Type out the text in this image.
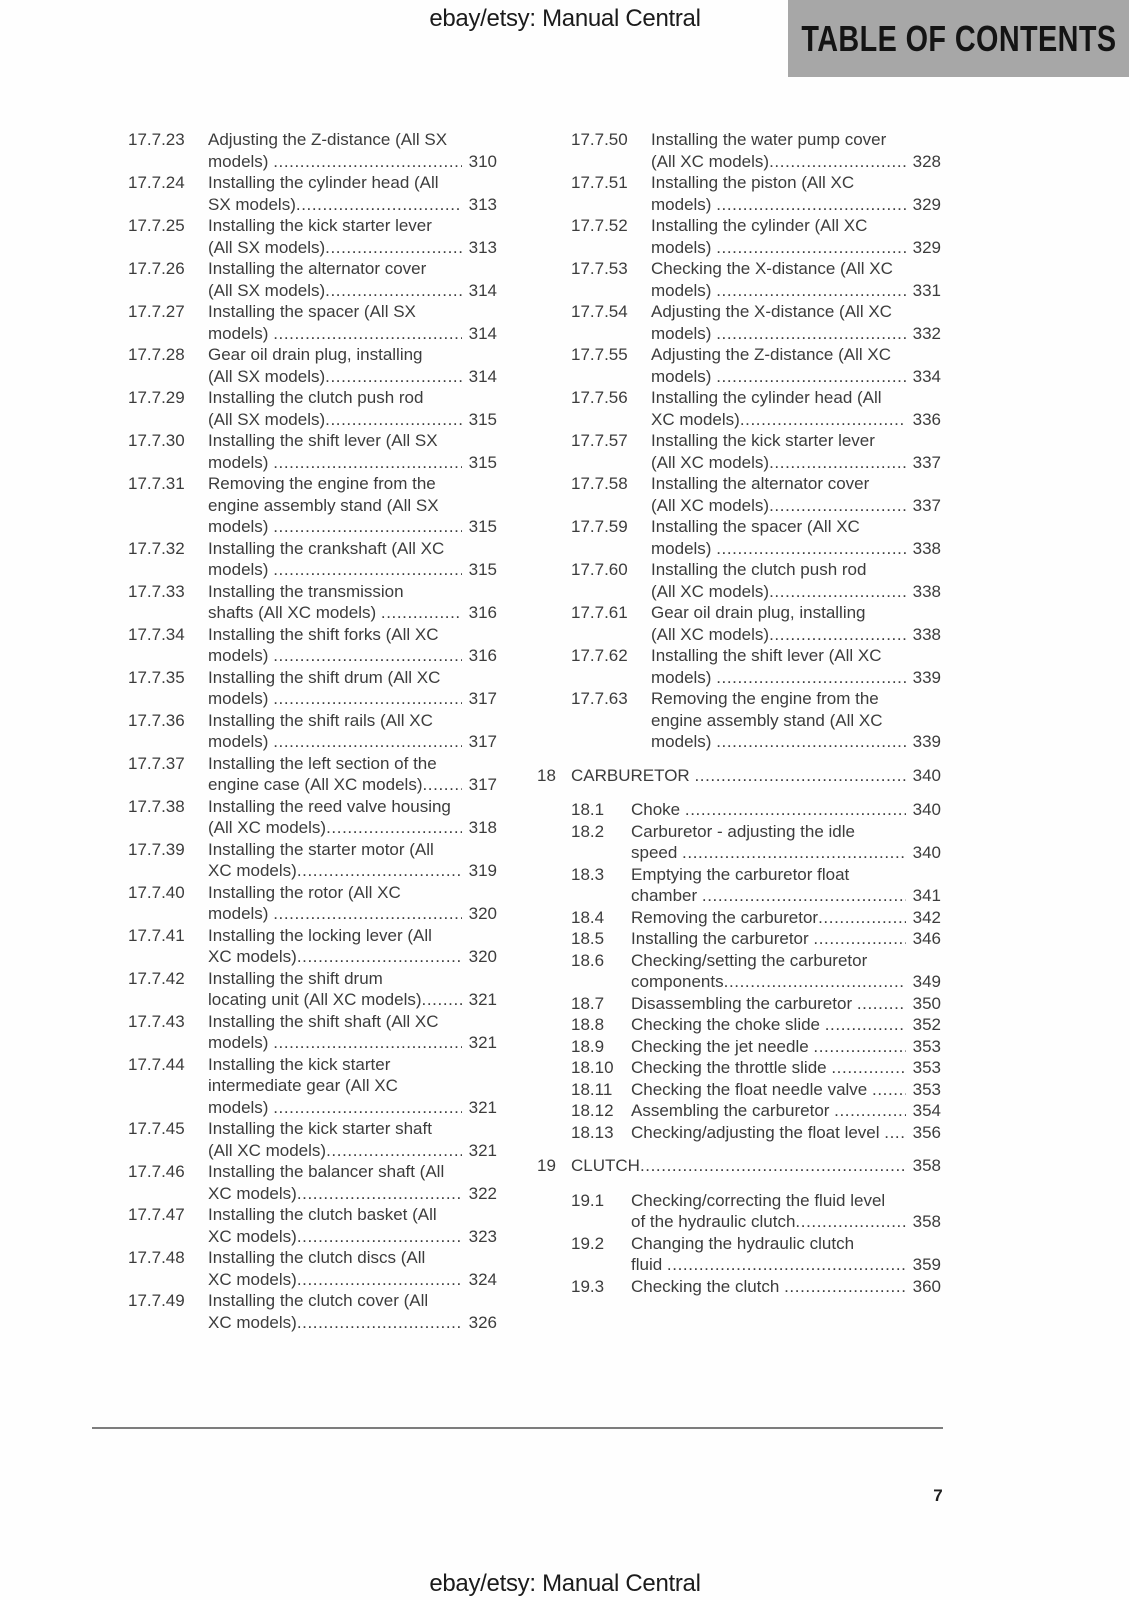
ebay/etsy: Manual Central	TABLE OF CONTENTS
17.7.23	Adjusting the Z-distance (All SX
models) .....	310
17.7.24	Installing the cylinder head (All
SX models) .....	313
17.7.25	Installing the kick starter lever
(All SX models) .....	313
17.7.26	Installing the alternator cover
(All SX models) .....	314
17.7.27	Installing the spacer (All SX
models) .....	314
17.7.28	Gear oil drain plug, installing
(All SX models) .....	314
17.7.29	Installing the clutch push rod
(All SX models) .....	315
17.7.30	Installing the shift lever (All SX
models) .....	315
17.7.31	Removing the engine from the
engine assembly stand (All SX
models) .....	315
17.7.32	Installing the crankshaft (All XC
models) .....	315
17.7.33	Installing the transmission
shafts (All XC models) .....	316
17.7.34	Installing the shift forks (All XC
models) .....	316
17.7.35	Installing the shift drum (All XC
models) .....	317
17.7.36	Installing the shift rails (All XC
models) .....	317
17.7.37	Installing the left section of the
engine case (All XC models) .....	317
17.7.38	Installing the reed valve housing
(All XC models) .....	318
17.7.39	Installing the starter motor (All
XC models) .....	319
17.7.40	Installing the rotor (All XC
models) .....	320
17.7.41	Installing the locking lever (All
XC models) .....	320
17.7.42	Installing the shift drum
locating unit (All XC models) .....	321
17.7.43	Installing the shift shaft (All XC
models) .....	321
17.7.44	Installing the kick starter
intermediate gear (All XC
models) .....	321
17.7.45	Installing the kick starter shaft
(All XC models) .....	321
17.7.46	Installing the balancer shaft (All
XC models) .....	322
17.7.47	Installing the clutch basket (All
XC models) .....	323
17.7.48	Installing the clutch discs (All
XC models) .....	324
17.7.49	Installing the clutch cover (All
XC models) .....	326
17.7.50	Installing the water pump cover
(All XC models) .....	328
17.7.51	Installing the piston (All XC
models) .....	329
17.7.52	Installing the cylinder (All XC
models) .....	329
17.7.53	Checking the X-distance (All XC
models) .....	331
17.7.54	Adjusting the X-distance (All XC
models) .....	332
17.7.55	Adjusting the Z-distance (All XC
models) .....	334
17.7.56	Installing the cylinder head (All
XC models) .....	336
17.7.57	Installing the kick starter lever
(All XC models) .....	337
17.7.58	Installing the alternator cover
(All XC models) .....	337
17.7.59	Installing the spacer (All XC
models) .....	338
17.7.60	Installing the clutch push rod
(All XC models) .....	338
17.7.61	Gear oil drain plug, installing
(All XC models) .....	338
17.7.62	Installing the shift lever (All XC
models) .....	339
17.7.63	Removing the engine from the
engine assembly stand (All XC
models) .....	339
18 CARBURETOR .....	340
18.1	Choke .....	340
18.2	Carburetor - adjusting the idle
speed .....	340
18.3	Emptying the carburetor float
chamber .....	341
18.4	Removing the carburetor .....	342
18.5	Installing the carburetor .....	346
18.6	Checking/setting the carburetor
components .....	349
18.7	Disassembling the carburetor .....	350
18.8	Checking the choke slide .....	352
18.9	Checking the jet needle .....	353
18.10	Checking the throttle slide .....	353
18.11	Checking the float needle valve .....	353
18.12	Assembling the carburetor .....	354
18.13	Checking/adjusting the float level .....	356
19 CLUTCH .....	358
19.1	Checking/correcting the fluid level
of the hydraulic clutch .....	358
19.2	Changing the hydraulic clutch
fluid .....	359
19.3	Checking the clutch .....	360
7
ebay/etsy: Manual Central
